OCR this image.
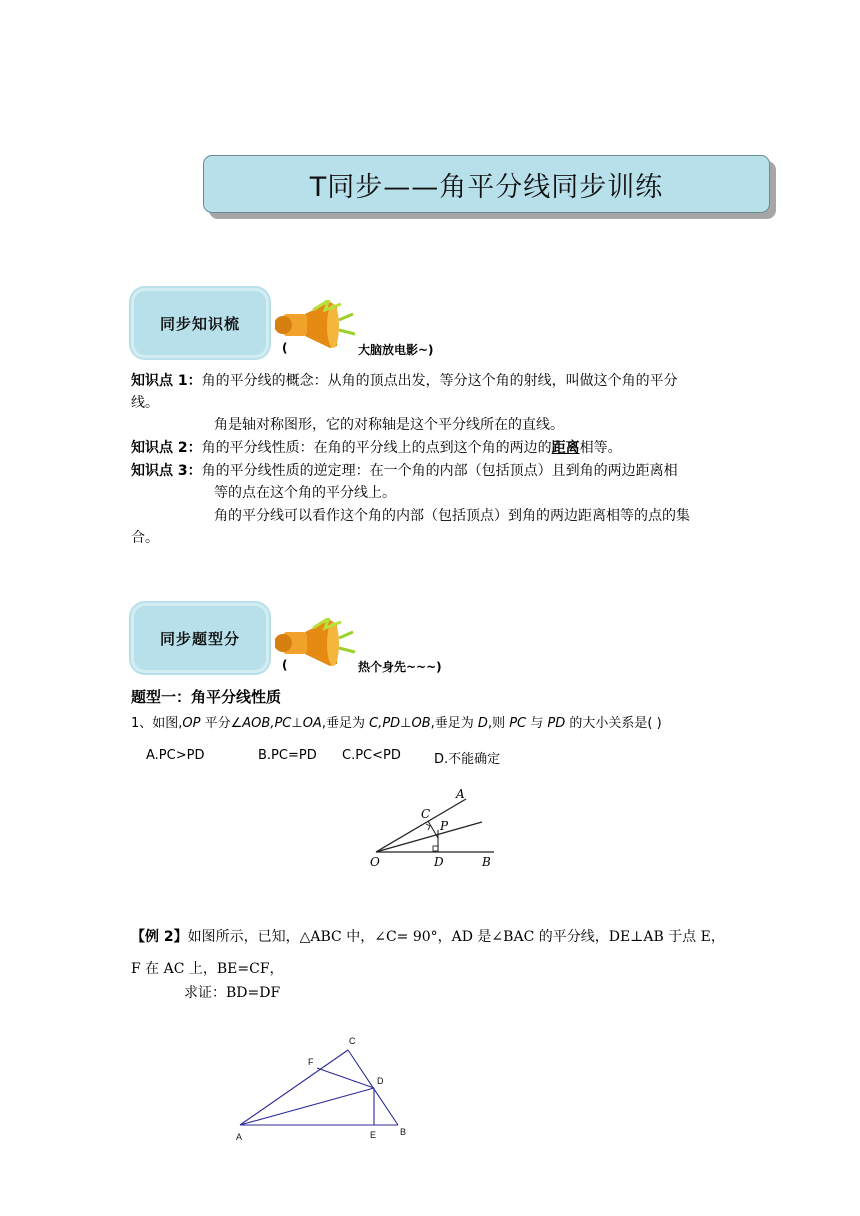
T同步——角平分线同步训练
同步知识梳
(	大脑放电影~)
知识点 1：角的平分线的概念：从角的顶点出发，等分这个角的射线，叫做这个角的平分
线。
角是轴对称图形，它的对称轴是这个平分线所在的直线。
知识点 2：角的平分线性质：在角的平分线上的点到这个角的两边的距离相等。
知识点 3：角的平分线性质的逆定理：在一个角的内部（包括顶点）且到角的两边距离相
等的点在这个角的平分线上。
角的平分线可以看作这个角的内部（包括顶点）到角的两边距离相等的点的集
合。
同步题型分
(	热个身先~~~)
题型一：角平分线性质
1、如图,OP 平分∠AOB,PC⊥OA,垂足为 C,PD⊥OB,垂足为 D,则 PC 与 PD 的大小关系是( )
A.PC>PD	B.PC=PD C.PC<PD	D.不能确定
A
C
P
O	D	B
【例 2】如图所示，已知，△ABC 中，∠C= 90°，AD 是∠BAC 的平分线，DE⊥AB 于点 E，
F 在 AC 上，BE=CF，
求证：BD=DF
C
F
D
A	E	B
